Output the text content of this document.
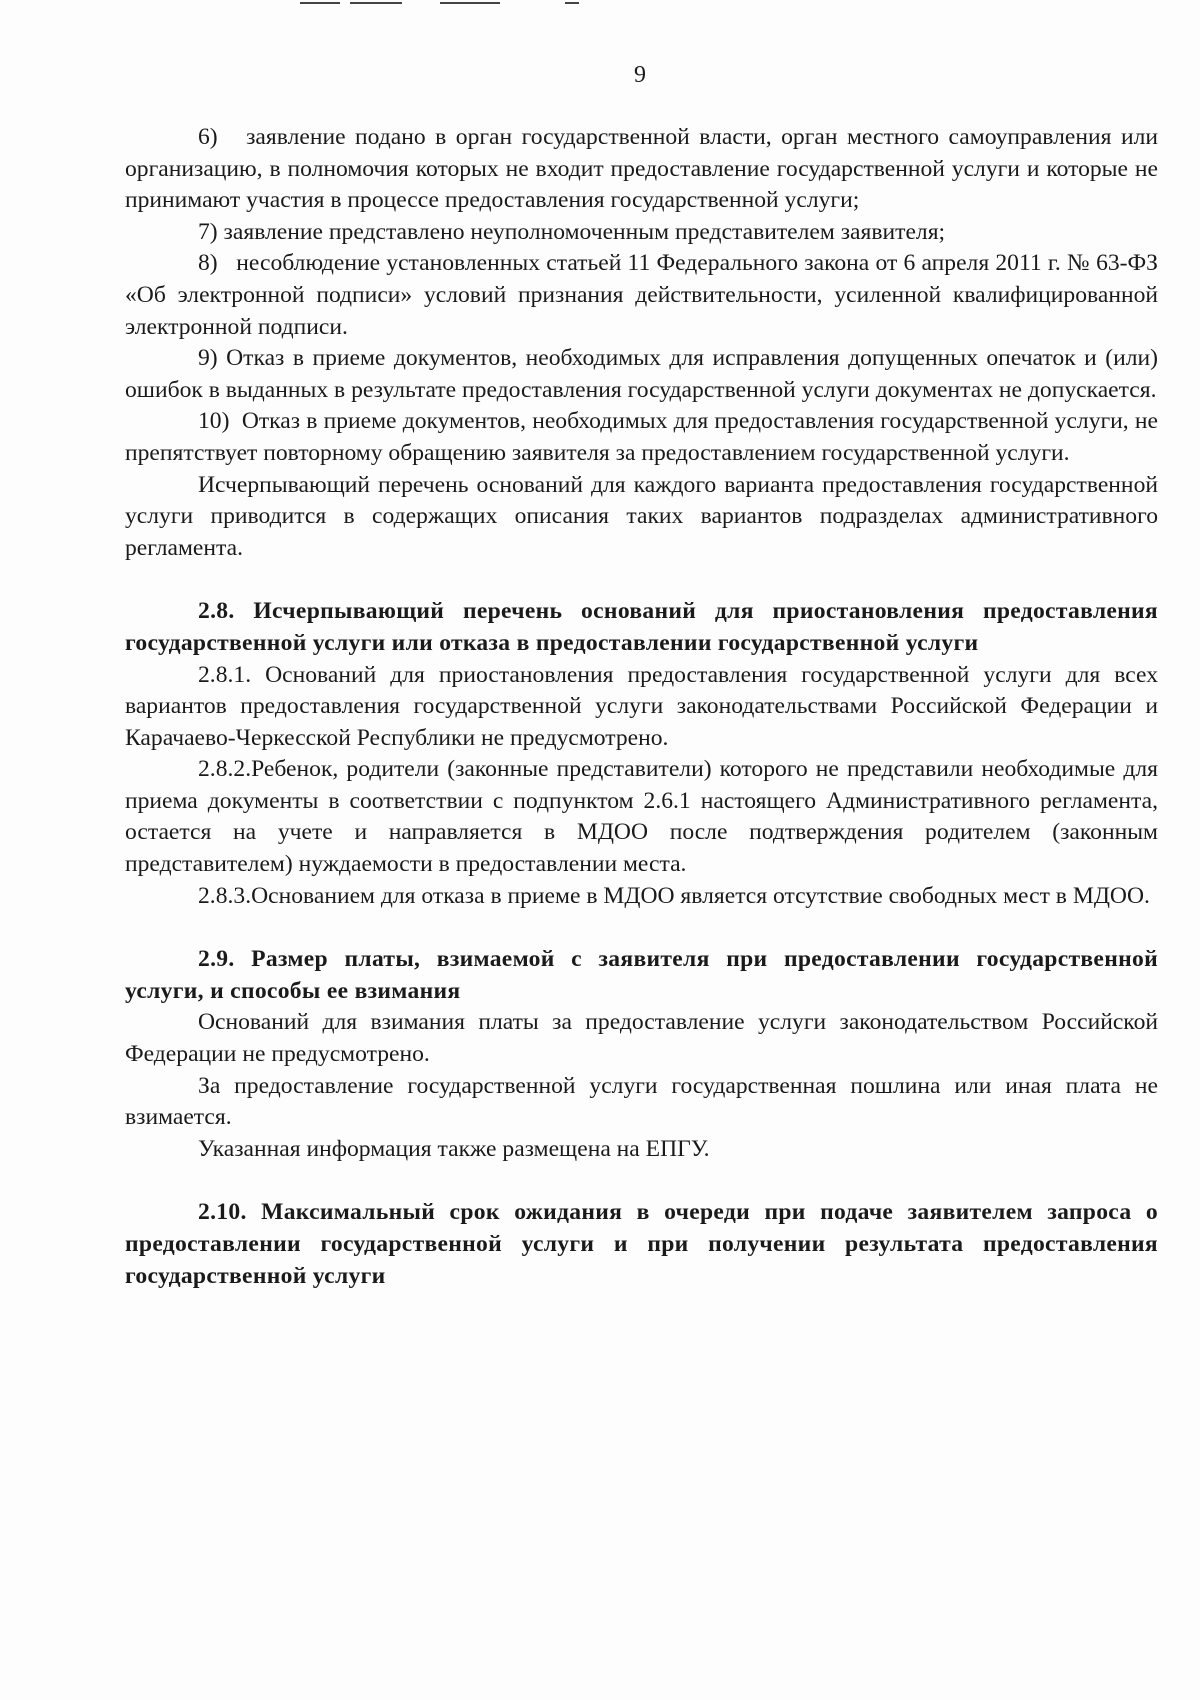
9

6)   заявление подано в орган государственной власти, орган местного самоуправления или организацию, в полномочия которых не входит предоставление государственной услуги и которые не принимают участия в процессе предоставления государственной услуги;

7) заявление представлено неуполномоченным представителем заявителя;

8)   несоблюдение установленных статьей 11 Федерального закона от 6 апреля 2011 г. № 63-ФЗ «Об электронной подписи» условий признания действительности, усиленной квалифицированной электронной подписи.

9) Отказ в приеме документов, необходимых для исправления допущенных опечаток и (или) ошибок в выданных в результате предоставления государственной услуги документах не допускается.

10)  Отказ в приеме документов, необходимых для предоставления государственной услуги, не препятствует повторному обращению заявителя за предоставлением государственной услуги.

Исчерпывающий перечень оснований для каждого варианта предоставления государственной услуги приводится в содержащих описания таких вариантов подразделах административного регламента.

2.8. Исчерпывающий перечень оснований для приостановления предоставления государственной услуги или отказа в предоставлении государственной услуги

2.8.1. Оснований для приостановления предоставления государственной услуги для всех вариантов предоставления государственной услуги законодательствами Российской Федерации и Карачаево-Черкесской Республики не предусмотрено.

2.8.2.Ребенок, родители (законные представители) которого не представили необходимые для приема документы в соответствии с подпунктом 2.6.1 настоящего Административного регламента, остается на учете и направляется в МДОО после подтверждения родителем (законным представителем) нуждаемости в предоставлении места.

2.8.3.Основанием для отказа в приеме в МДОО является отсутствие свободных мест в МДОО.

2.9. Размер платы, взимаемой с заявителя при предоставлении государственной услуги, и способы ее взимания

Оснований для взимания платы за предоставление услуги законодательством Российской Федерации не предусмотрено.

За предоставление государственной услуги государственная пошлина или иная плата не взимается.

Указанная информация также размещена на ЕПГУ.

2.10. Максимальный срок ожидания в очереди при подаче заявителем запроса о предоставлении государственной услуги и при получении результата предоставления государственной услуги
